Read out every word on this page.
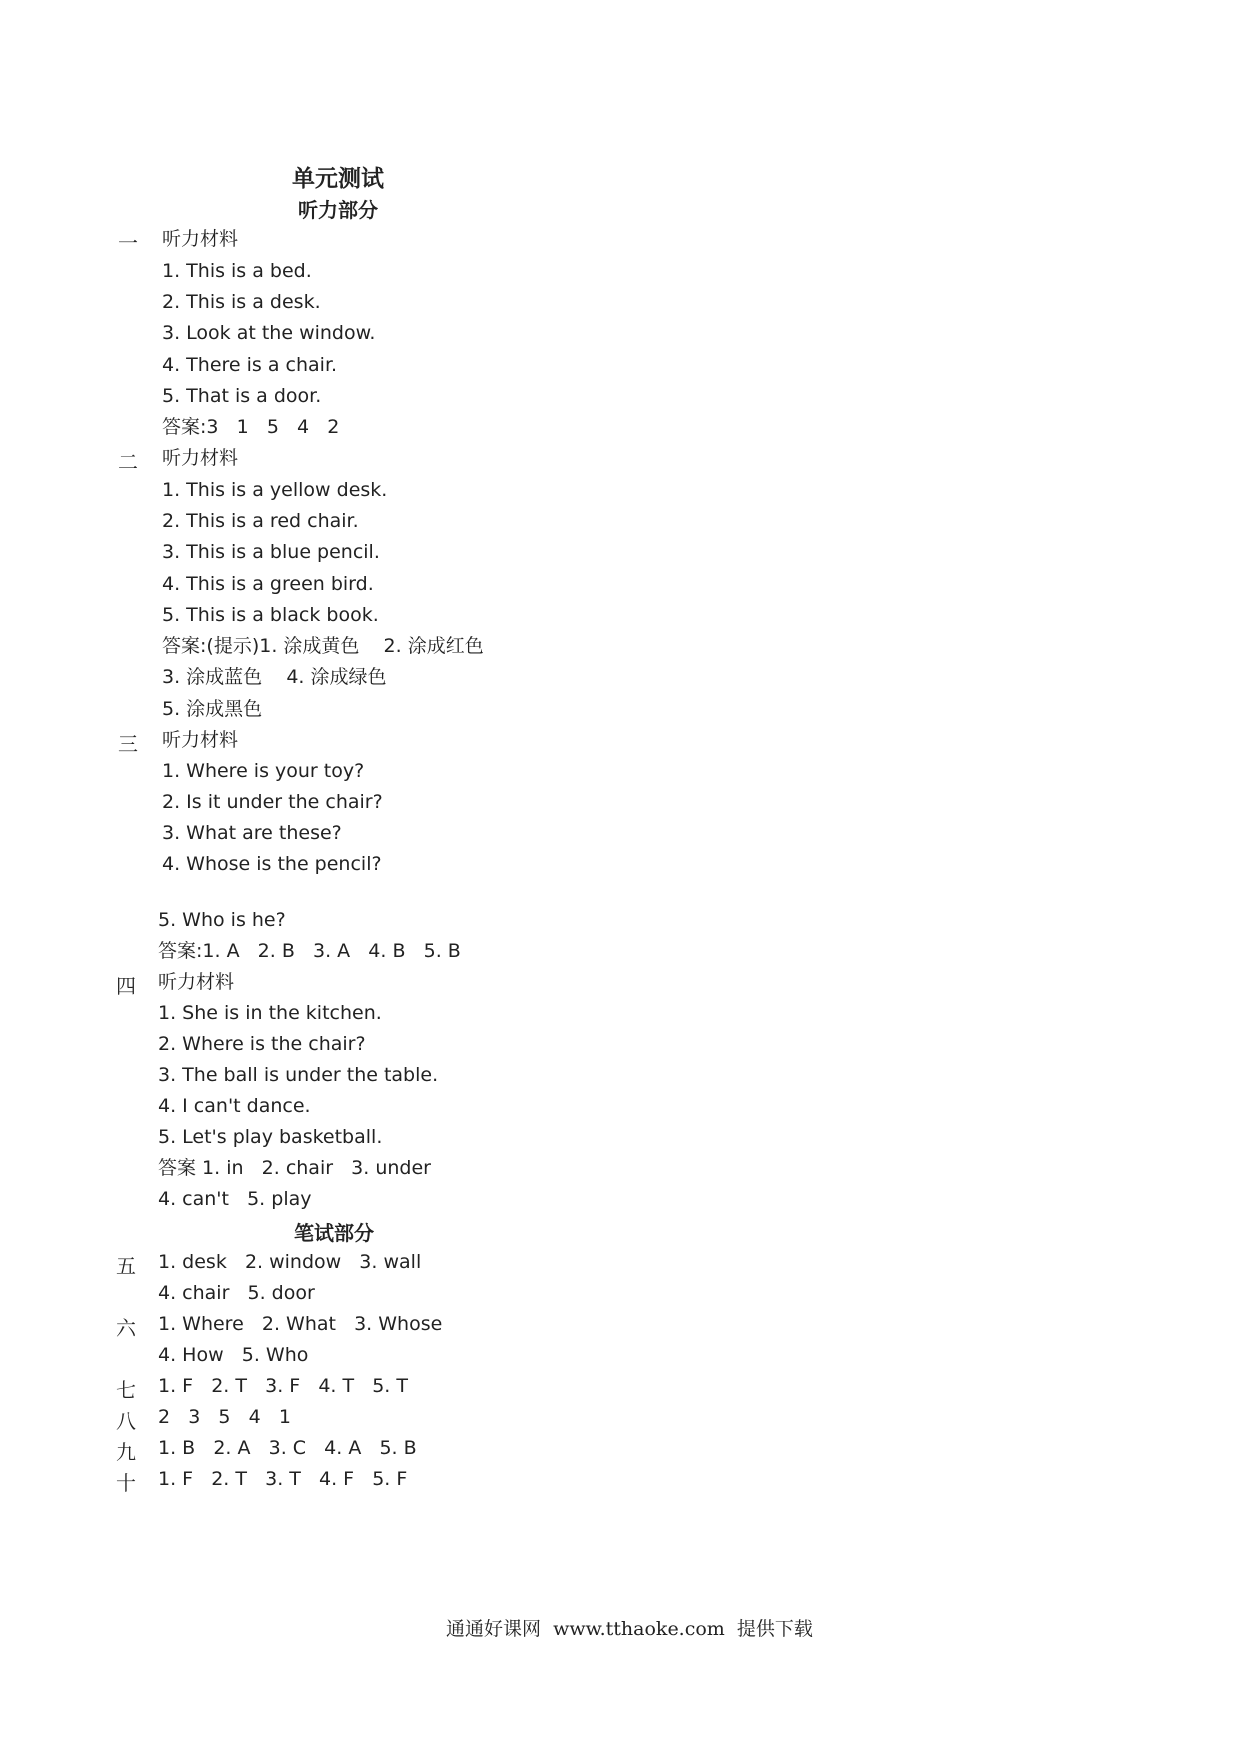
单元测试
听力部分
一 听力材料
1. This is a bed.
2. This is a desk.
3. Look at the window.
4. There is a chair.
5. That is a door.
答案:3   1   5   4   2
二 听力材料
1. This is a yellow desk.
2. This is a red chair.
3. This is a blue pencil.
4. This is a green bird.
5. This is a black book.
答案:(提示)1. 涂成黄色    2. 涂成红色
3. 涂成蓝色    4. 涂成绿色
5. 涂成黑色
三 听力材料
1. Where is your toy?
2. Is it under the chair?
3. What are these?
4. Whose is the pencil?
5. Who is he?
答案:1. A   2. B   3. A   4. B   5. B
四 听力材料
1. She is in the kitchen.
2. Where is the chair?
3. The ball is under the table.
4. I can't dance.
5. Let's play basketball.
答案 1. in   2. chair   3. under
4. can't   5. play
笔试部分
五 1. desk   2. window   3. wall
4. chair   5. door
六 1. Where   2. What   3. Whose
4. How   5. Who
七 1. F   2. T   3. F   4. T   5. T
八 2   3   5   4   1
九 1. B   2. A   3. C   4. A   5. B
十 1. F   2. T   3. T   4. F   5. F
通通好课网  www.tthaoke.com  提供下载
